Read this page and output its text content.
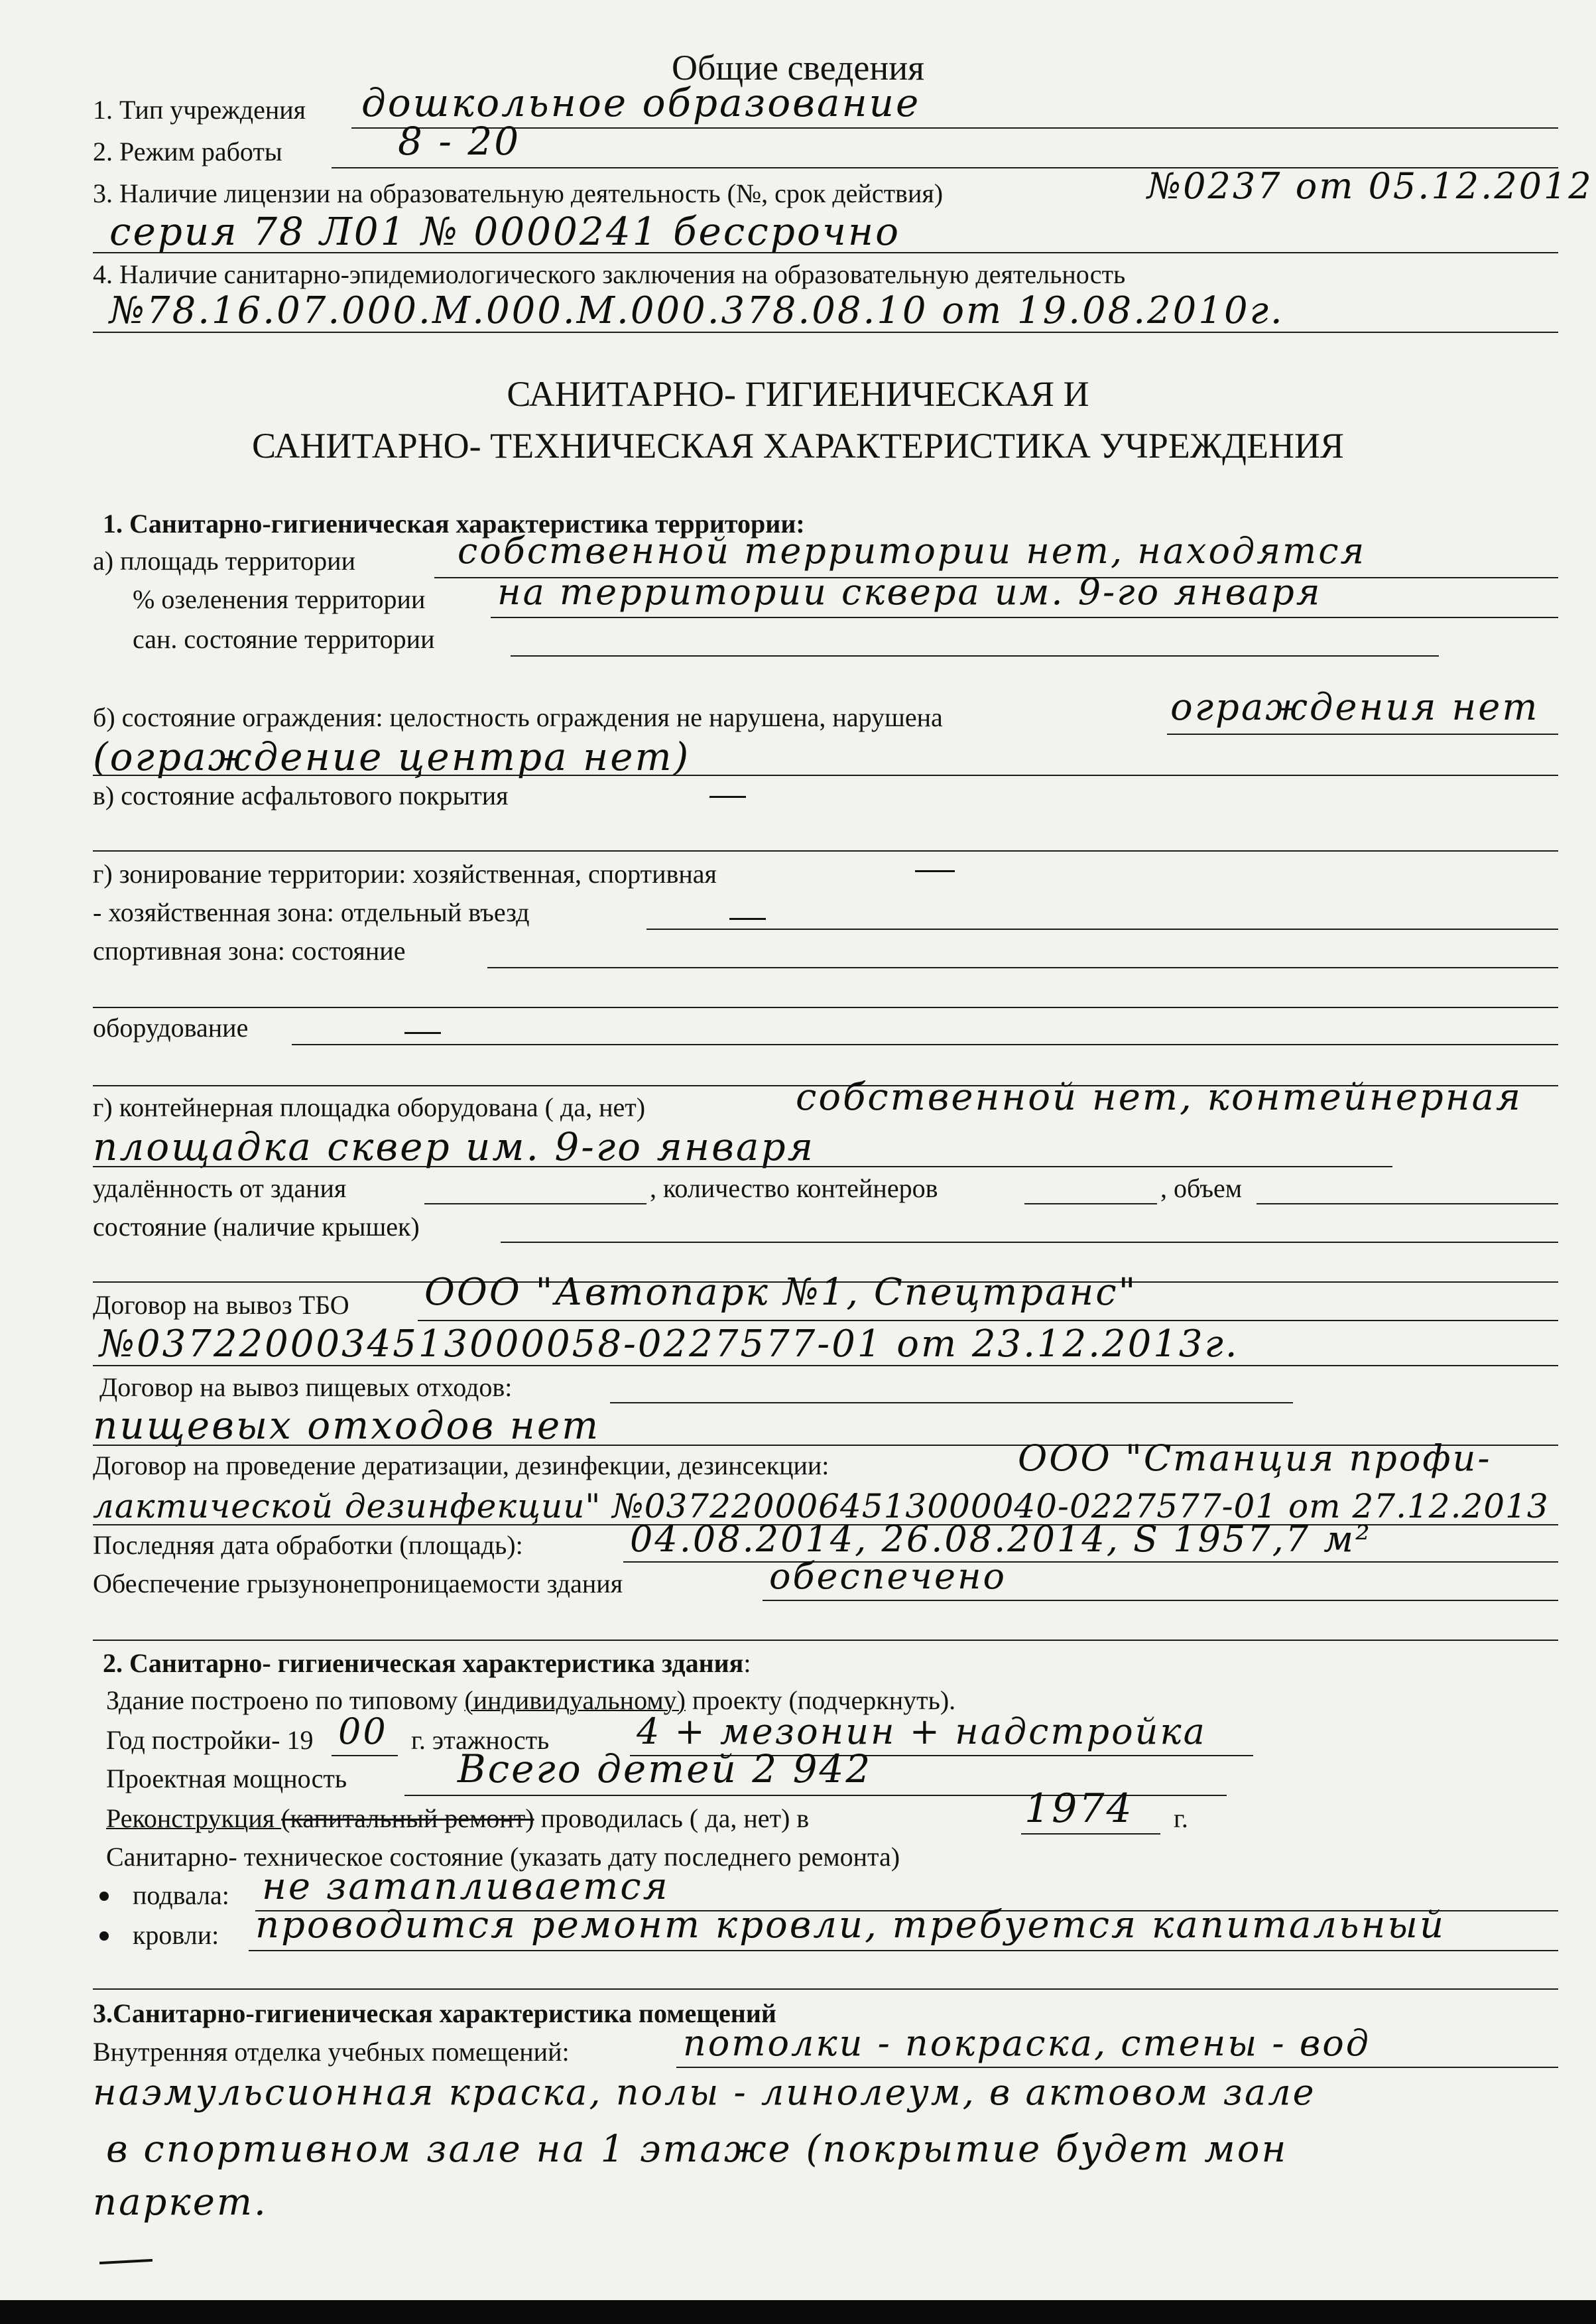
Общие сведения
1. Тип учреждения дошкольное образование
2. Режим работы	8 - 20
3. Наличие лицензии на образовательную деятельность (№, срок действия)	№0237 от 05.12.2012
серия 78 Л01 № 0000241 бессрочно
4. Наличие санитарно-эпидемиологического заключения на образовательную деятельность
№78.16.07.000.М.000.М.000.378.08.10 от 19.08.2010г.
САНИТАРНО- ГИГИЕНИЧЕСКАЯ И
САНИТАРНО- ТЕХНИЧЕСКАЯ ХАРАКТЕРИСТИКА УЧРЕЖДЕНИЯ
1. Санитарно-гигиеническая характеристика территории:
а) площадь территории	собственной территории нет, находятся
% озеленения территории на территории сквера им. 9-го января
сан. состояние территории
б) состояние ограждения: целостность ограждения не нарушена, нарушена	ограждения нет
(ограждение центра нет)
в) состояние асфальтового покрытия
г) зонирование территории: хозяйственная, спортивная
- хозяйственная зона: отдельный въезд
спортивная зона: состояние
оборудование
г) контейнерная площадка оборудована ( да, нет)	собственной нет, контейнерная
площадка сквер им. 9-го января
удалённость от здания	, количество контейнеров	, объем
состояние (наличие крышек)
Договор на вывоз ТБО ООО "Автопарк №1, Спецтранс"
№0372200034513000058-0227577-01 от 23.12.2013г.
Договор на вывоз пищевых отходов:
пищевых отходов нет
Договор на проведение дератизации, дезинфекции, дезинсекции:	ООО "Станция профи-
лактической дезинфекции" №0372200064513000040-0227577-01 от 27.12.2013
Последняя дата обработки (площадь):	04.08.2014, 26.08.2014, S 1957,7 м²
Обеспечение грызунонепроницаемости здания	обеспечено
2. Санитарно- гигиеническая характеристика здания:
Здание построено по типовому (индивидуальному) проекту (подчеркнуть).
Год постройки- 19 00 г. этажность 4 + мезонин + надстройка
Проектная мощность	Всего детей 2 942
Реконструкция (капитальный ремонт) проводилась ( да, нет) в	1974 г.
Санитарно- техническое состояние (указать дату последнего ремонта)
подвала: не затапливается
кровли: проводится ремонт кровли, требуется капитальный
3.Санитарно-гигиеническая характеристика помещений
Внутренняя отделка учебных помещений:	потолки - покраска, стены - вод
наэмульсионная краска, полы - линолеум, в актовом зале
в спортивном зале на 1 этаже (покрытие будет мон
паркет.
